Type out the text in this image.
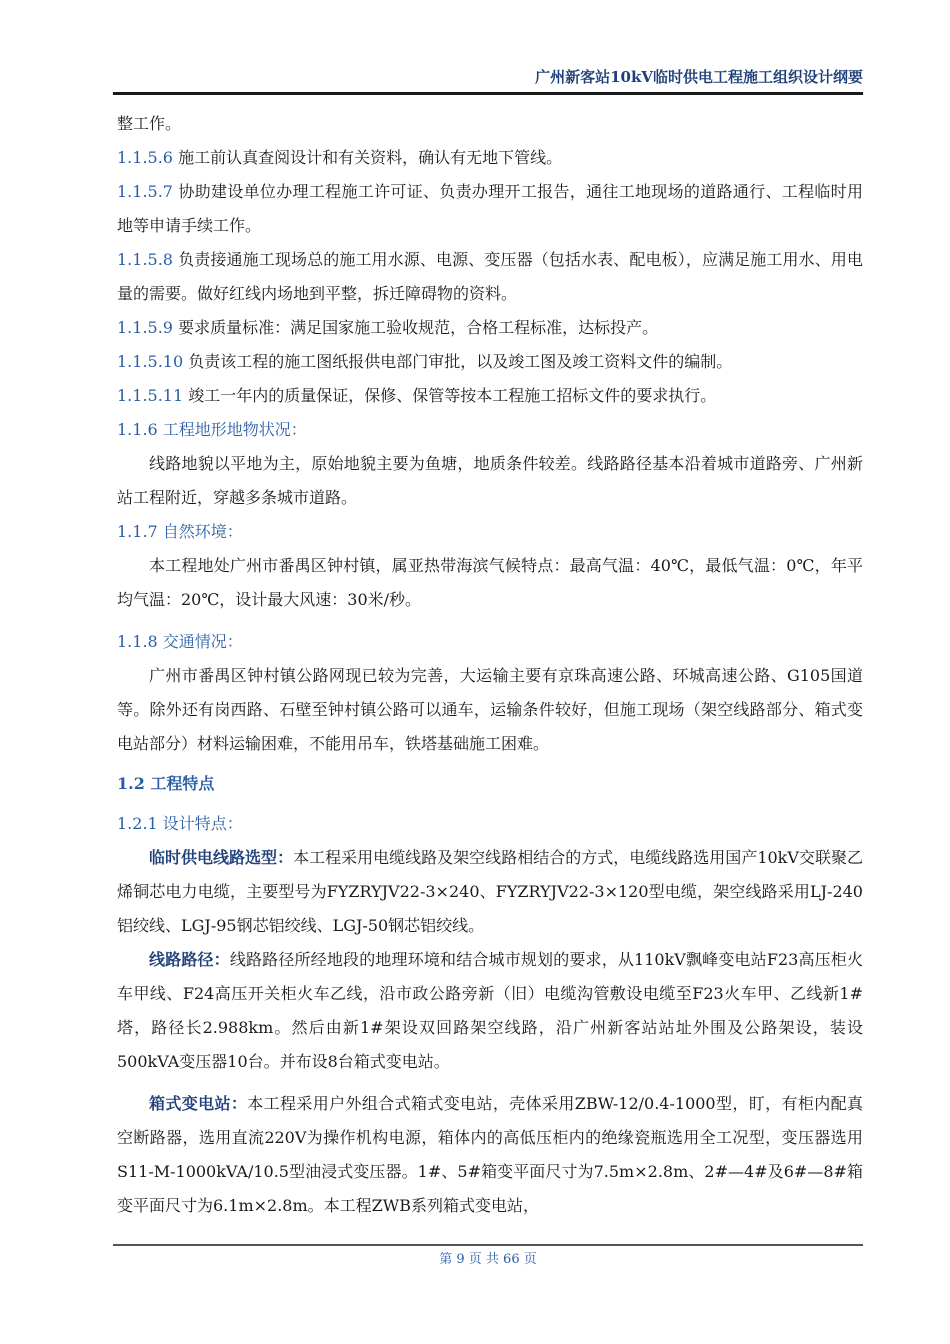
广州新客站10kV临时供电工程施工组织设计纲要

整工作。

1.1.5.6 施工前认真查阅设计和有关资料，确认有无地下管线。

1.1.5.7 协助建设单位办理工程施工许可证、负责办理开工报告，通往工地现场的道路通行、工程临时用地等申请手续工作。

1.1.5.8 负责接通施工现场总的施工用水源、电源、变压器（包括水表、配电板），应满足施工用水、用电量的需要。做好红线内场地到平整，拆迁障碍物的资料。

1.1.5.9 要求质量标准：满足国家施工验收规范，合格工程标准，达标投产。

1.1.5.10 负责该工程的施工图纸报供电部门审批，以及竣工图及竣工资料文件的编制。

1.1.5.11 竣工一年内的质量保证，保修、保管等按本工程施工招标文件的要求执行。

1.1.6 工程地形地物状况：

线路地貌以平地为主，原始地貌主要为鱼塘，地质条件较差。线路路径基本沿着城市道路旁、广州新站工程附近，穿越多条城市道路。

1.1.7 自然环境：

本工程地处广州市番禺区钟村镇，属亚热带海滨气候特点：最高气温：40℃，最低气温：0℃，年平均气温：20℃，设计最大风速：30米/秒。

1.1.8 交通情况：

广州市番禺区钟村镇公路网现已较为完善，大运输主要有京珠高速公路、环城高速公路、G105国道等。除外还有岗西路、石壁至钟村镇公路可以通车，运输条件较好，但施工现场（架空线路部分、箱式变电站部分）材料运输困难，不能用吊车，铁塔基础施工困难。

1.2 工程特点

1.2.1 设计特点：

临时供电线路选型：本工程采用电缆线路及架空线路相结合的方式，电缆线路选用国产10kV交联聚乙烯铜芯电力电缆，主要型号为FYZRYJV22-3×240、FYZRYJV22-3×120型电缆，架空线路采用LJ-240铝绞线、LGJ-95钢芯铝绞线、LGJ-50钢芯铝绞线。

线路路径：线路路径所经地段的地理环境和结合城市规划的要求，从110kV飘峰变电站F23高压柜火车甲线、F24高压开关柜火车乙线，沿市政公路旁新（旧）电缆沟管敷设电缆至F23火车甲、乙线新1#塔，路径长2.988km。然后由新1#架设双回路架空线路，沿广州新客站站址外围及公路架设，装设500kVA变压器10台。并布设8台箱式变电站。

箱式变电站：本工程采用户外组合式箱式变电站，壳体采用ZBW-12/0.4-1000型，盯，有柜内配真空断路器，选用直流220V为操作机构电源，箱体内的高低压柜内的绝缘瓷瓶选用全工况型，变压器选用S11-M-1000kVA/10.5型油浸式变压器。1#、5#箱变平面尺寸为7.5m×2.8m、2#—4#及6#—8#箱变平面尺寸为6.1m×2.8m。本工程ZWB系列箱式变电站，

第 9 页 共 66 页
